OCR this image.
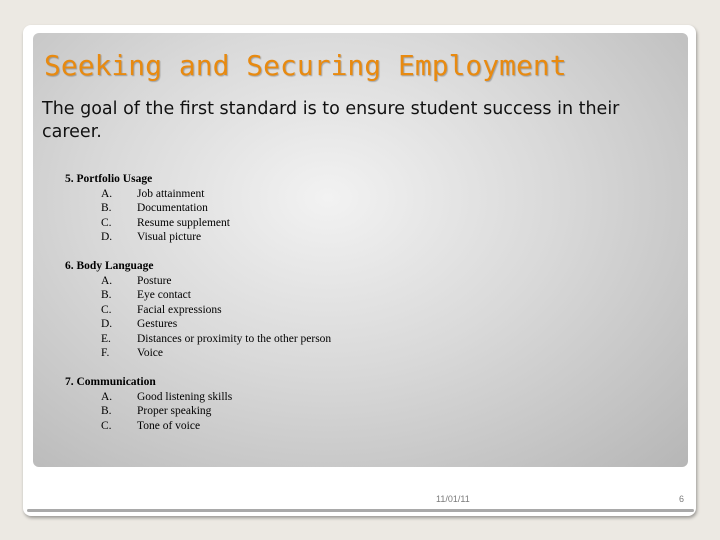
Seeking and Securing Employment

The goal of the first standard is to ensure student success in their career.

5. Portfolio Usage
A.	Job attainment
B.	Documentation
C.	Resume supplement
D.	Visual picture
6. Body Language
A.	Posture
B.	Eye contact
C.	Facial expressions
D.	Gestures
E.	Distances or proximity to the other person
F.	Voice
7. Communication
A.	Good listening skills
B.	Proper speaking
C.	Tone of voice
11/01/11	6
